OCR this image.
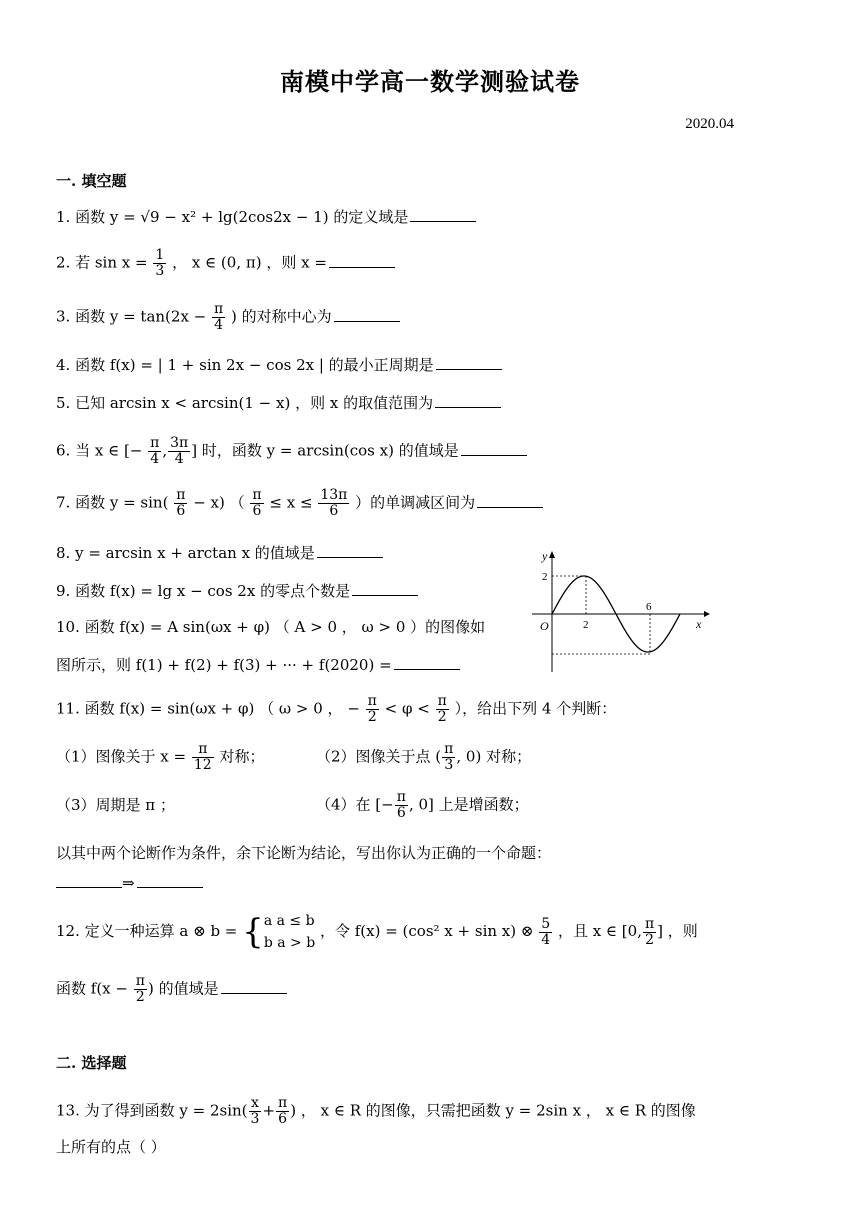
南模中学高一数学测验试卷
2020.04
一. 填空题
1. 函数 y = √9 − x² + lg(2cos2x − 1) 的定义域是
2. 若 $\sin x = \frac{1}{3}$ ， x ∈ (0, π) ，则 x =
3. 函数 $y = \tan(2x - \frac{\pi}{4}$ ) 的对称中心为
4. 函数 f(x) = | 1 + sin 2x − cos 2x | 的最小正周期是
5. 已知 arcsin x < arcsin(1 − x) ，则 x 的取值范围为
6. 当 x ∈ [− $\frac{\pi}{4}$ , $\frac{3\pi}{4}$ ] 时，函数 y = arcsin(cos x) 的值域是
7. 函数 $y = \sin( \frac{\pi}{6} - x)$ （ $\frac{\pi}{6} \le x \le \frac{13\pi}{6}$ ）的单调减区间为
8. y = arcsin x + arctan x 的值域是
9. 函数 f(x) = lg x − cos 2x 的零点个数是
10. 函数 f(x) = A sin(ωx + φ) （ A > 0 ， ω > 0 ）的图像如
图所示，则 f(1) + f(2) + f(3) + ··· + f(2020) =
y
x
O
2
2
6
11. 函数 f(x) = sin(ωx + φ) （ ω > 0 ， − $\frac{\pi}{2} < \varphi < \frac{\pi}{2}$ ），给出下列 4 个判断：
（1）图像关于 $x = \frac{\pi}{12}$ 对称；	（2）图像关于点 ( $\frac{\pi}{3}$ , 0) 对称；
（3）周期是 π ；	（4）在 [− $\frac{\pi}{6}$ , 0] 上是增函数；
以其中两个论断作为条件，余下论断为结论，写出你认为正确的一个命题：
⇒
12. 定义一种运算 a ⊗ b = { a a ≤ b
b a > b
，令 f(x) = (cos² x + sin x) ⊗ $\frac{5}{4}$ ，且 x ∈ [0, $\frac{\pi}{2}$ ] ，则
函数 $f(x - \frac{\pi}{2}$ ) 的值域是
二. 选择题
13. 为了得到函数 $y = 2\sin( \frac{x}{3} + \frac{\pi}{6}$ ) ， x ∈ R 的图像，只需把函数 y = 2sin x ， x ∈ R 的图像
上所有的点（ ）
